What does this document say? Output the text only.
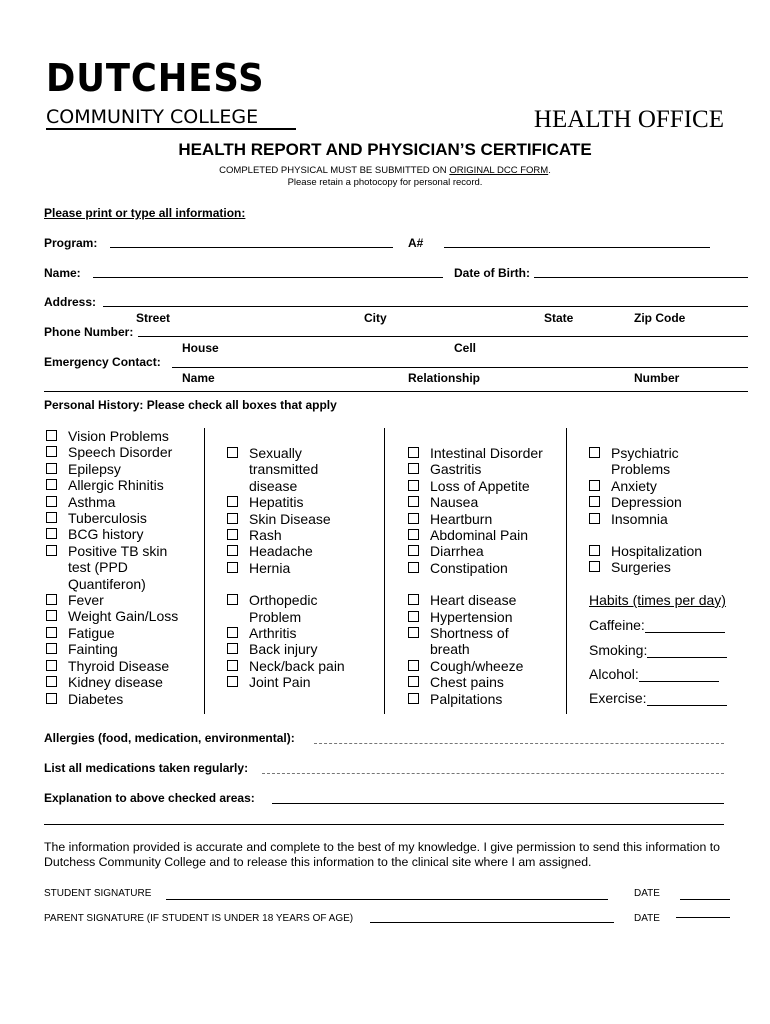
DUTCHESS
COMMUNITY COLLEGE	HEALTH OFFICE
HEALTH REPORT AND PHYSICIAN’S CERTIFICATE
COMPLETED PHYSICAL MUST BE SUBMITTED ON ORIGINAL DCC FORM.
Please retain a photocopy for personal record.
Please print or type all information:
Program:	A#
Name:	Date of Birth:
Address:
Street	City	State	Zip Code
Phone Number:
House	Cell
Emergency Contact:
Name	Relationship	Number
Personal History: Please check all boxes that apply
Vision Problems
Speech Disorder
Epilepsy
Allergic Rhinitis
Asthma
Tuberculosis
BCG history
Positive TB skin
test (PPD
Quantiferon)
Fever
Weight Gain/Loss
Fatigue
Fainting
Thyroid Disease
Kidney disease
Diabetes
Sexually
transmitted
disease
Hepatitis
Skin Disease
Rash
Headache
Hernia
Orthopedic
Problem
Arthritis
Back injury
Neck/back pain
Joint Pain
Intestinal Disorder
Gastritis
Loss of Appetite
Nausea
Heartburn
Abdominal Pain
Diarrhea
Constipation
Heart disease
Hypertension
Shortness of
breath
Cough/wheeze
Chest pains
Palpitations
Psychiatric
Problems
Anxiety
Depression
Insomnia
Hospitalization
Surgeries
Habits (times per day)
Caffeine:
Smoking:
Alcohol:
Exercise:
Allergies (food, medication, environmental):
List all medications taken regularly:
Explanation to above checked areas:
The information provided is accurate and complete to the best of my knowledge. I give permission to send this information to Dutchess Community College and to release this information to the clinical site where I am assigned.
STUDENT SIGNATURE	DATE
PARENT SIGNATURE (IF STUDENT IS UNDER 18 YEARS OF AGE)	DATE
